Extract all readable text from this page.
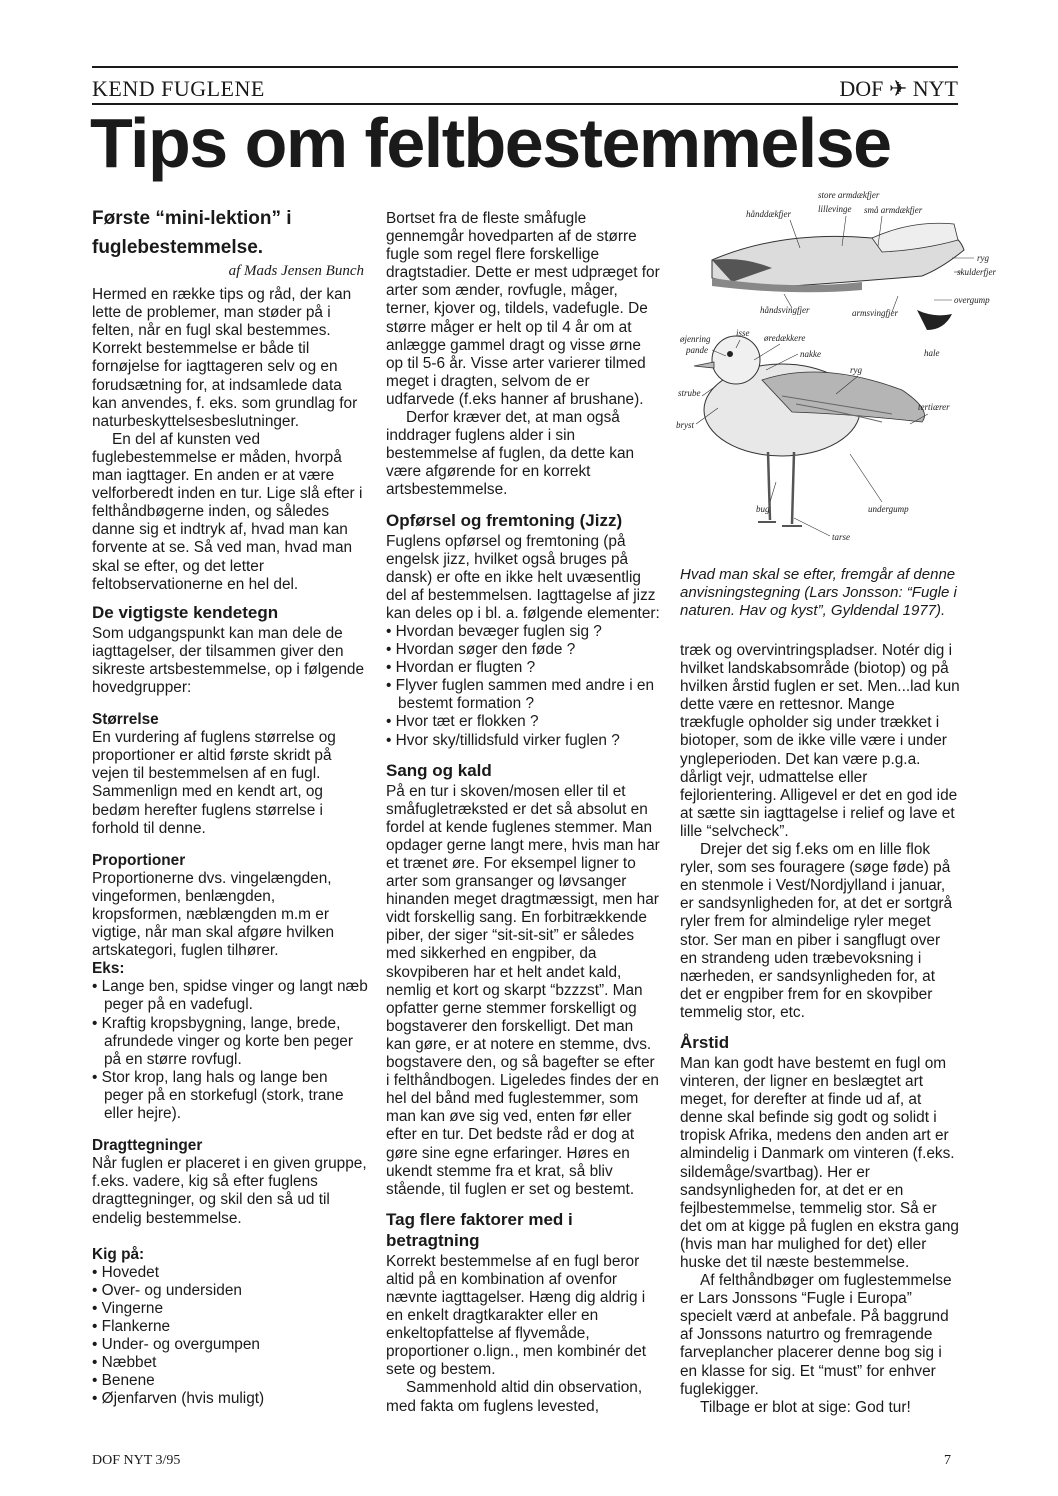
KEND FUGLENE	DOF ✈ NYT
Tips om feltbestemmelse
Første “mini-lektion” i
fuglebestemmelse.
af Mads Jensen Bunch

Hermed en række tips og råd, der kan lette de problemer, man støder på i felten, når en fugl skal bestemmes. Korrekt bestemmelse er både til fornøjelse for iagttageren selv og en forudsætning for, at indsamlede data kan anvendes, f. eks. som grundlag for naturbeskyttelsesbeslutninger.

En del af kunsten ved fuglebestemmelse er måden, hvorpå man iagttager. En anden er at være velforberedt inden en tur. Lige slå efter i felthåndbøgerne inden, og således danne sig et indtryk af, hvad man kan forvente at se. Så ved man, hvad man skal se efter, og det letter feltobservationerne en hel del.

De vigtigste kendetegn

Som udgangspunkt kan man dele de iagttagelser, der tilsammen giver den sikreste artsbestemmelse, op i følgende hovedgrupper:

Størrelse

En vurdering af fuglens størrelse og proportioner er altid første skridt på vejen til bestemmelsen af en fugl. Sammenlign med en kendt art, og bedøm herefter fuglens størrelse i forhold til denne.

Proportioner

Proportionerne dvs. vingelængden, vingeformen, benlængden, kropsformen, næblængden m.m er vigtige, når man skal afgøre hvilken artskategori, fuglen tilhører.

Eks:
• Lange ben, spidse vinger og langt næb peger på en vadefugl.
• Kraftig kropsbygning, lange, brede, afrundede vinger og korte ben peger på en større rovfugl.
• Stor krop, lang hals og lange ben peger på en storkefugl (stork, trane eller hejre).
Dragttegninger

Når fuglen er placeret i en given gruppe, f.eks. vadere, kig så efter fuglens dragttegninger, og skil den så ud til endelig bestemmelse.

Kig på:
• Hovedet
• Over- og undersiden
• Vingerne
• Flankerne
• Under- og overgumpen
• Næbbet
• Benene
• Øjenfarven (hvis muligt)

Bortset fra de fleste småfugle gennemgår hovedparten af de større fugle som regel flere forskellige dragtstadier. Dette er mest udpræget for arter som ænder, rovfugle, måger, terner, kjover og, tildels, vadefugle. De større måger er helt op til 4 år om at anlægge gammel dragt og visse ørne op til 5-6 år. Visse arter varierer tilmed meget i dragten, selvom de er udfarvede (f.eks hanner af brushane).

Derfor kræver det, at man også inddrager fuglens alder i sin bestemmelse af fuglen, da dette kan være afgørende for en korrekt artsbestemmelse.

Opførsel og fremtoning (Jizz)

Fuglens opførsel og fremtoning (på engelsk jizz, hvilket også bruges på dansk) er ofte en ikke helt uvæsentlig del af bestemmelsen. Iagttagelse af jizz kan deles op i bl. a. følgende elementer:

• Hvordan bevæger fuglen sig ?
• Hvordan søger den føde ?
• Hvordan er flugten ?
• Flyver fuglen sammen med andre i en bestemt formation ?
• Hvor tæt er flokken ?
• Hvor sky/tillidsfuld virker fuglen ?
Sang og kald

På en tur i skoven/mosen eller til et småfugletræksted er det så absolut en fordel at kende fuglenes stemmer. Man opdager gerne langt mere, hvis man har et trænet øre. For eksempel ligner to arter som gransanger og løvsanger hinanden meget dragtmæssigt, men har vidt forskellig sang. En forbitrækkende piber, der siger “sit-sit-sit” er således med sikkerhed en engpiber, da skovpiberen har et helt andet kald, nemlig et kort og skarpt “bzzzst”. Man opfatter gerne stemmer forskelligt og bogstaverer den forskelligt. Det man kan gøre, er at notere en stemme, dvs. bogstavere den, og så bagefter se efter i felthåndbogen. Ligeledes findes der en hel del bånd med fuglestemmer, som man kan øve sig ved, enten før eller efter en tur. Det bedste råd er dog at gøre sine egne erfaringer. Høres en ukendt stemme fra et krat, så bliv stående, til fuglen er set og bestemt.

Tag flere faktorer med i betragtning

Korrekt bestemmelse af en fugl beror altid på en kombination af ovenfor nævnte iagttagelser. Hæng dig aldrig i en enkelt dragtkarakter eller en enkeltopfattelse af flyvemåde, proportioner o.lign., men kombinér det sete og bestem.

Sammenhold altid din observation, med fakta om fuglens levested,

hånddækfjer
store armdækfjer
lillevinge små armdækfjer
ryg
skulderfjer
overgump
håndsvingfjer	armsvingfjer
øjenring
pande
isse øredækkere
nakke	hale
ryg
strube
bryst
tertiærer
bug	undergump
tarse
Hvad man skal se efter, fremgår af denne anvisningstegning (Lars Jonsson: “Fugle i naturen. Hav og kyst”, Gyldendal 1977).

træk og overvintringspladser. Notér dig i hvilket landskabsområde (biotop) og på hvilken årstid fuglen er set. Men...lad kun dette være en rettesnor. Mange trækfugle opholder sig under trækket i biotoper, som de ikke ville være i under yngleperioden. Det kan være p.g.a. dårligt vejr, udmattelse eller fejlorientering. Alligevel er det en god ide at sætte sin iagttagelse i relief og lave et lille “selvcheck”.

Drejer det sig f.eks om en lille flok ryler, som ses fouragere (søge føde) på en stenmole i Vest/Nordjylland i januar, er sandsynligheden for, at det er sortgrå ryler frem for almindelige ryler meget stor. Ser man en piber i sangflugt over en strandeng uden træbevoksning i nærheden, er sandsynligheden for, at det er engpiber frem for en skovpiber temmelig stor, etc.

Årstid

Man kan godt have bestemt en fugl om vinteren, der ligner en beslægtet art meget, for derefter at finde ud af, at denne skal befinde sig godt og solidt i tropisk Afrika, medens den anden art er almindelig i Danmark om vinteren (f.eks. sildemåge/svartbag). Her er sandsynligheden for, at det er en fejlbestemmelse, temmelig stor. Så er det om at kigge på fuglen en ekstra gang (hvis man har mulighed for det) eller huske det til næste bestemmelse.

Af felthåndbøger om fuglestemmelse er Lars Jonssons “Fugle i Europa” specielt værd at anbefale. På baggrund af Jonssons naturtro og fremragende farveplancher placerer denne bog sig i en klasse for sig. Et “must” for enhver fuglekigger.

Tilbage er blot at sige: God tur!

DOF NYT 3/95	7
